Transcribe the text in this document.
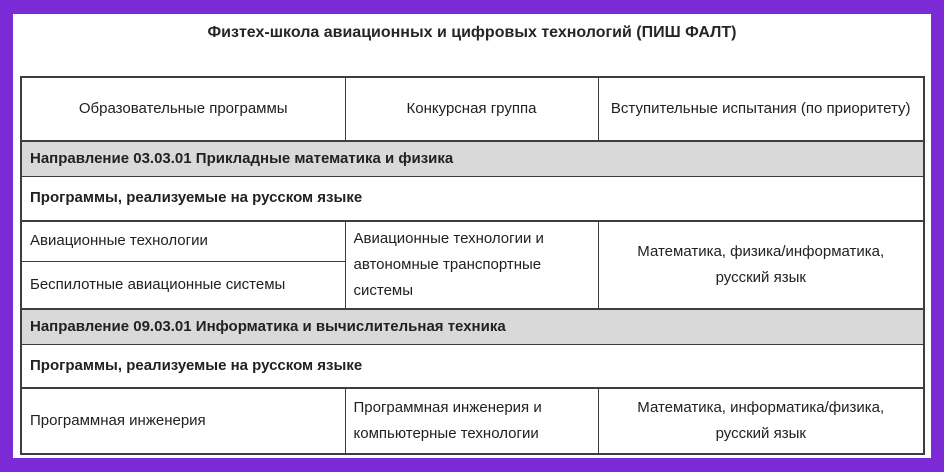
Физтех-школа авиационных и цифровых технологий (ПИШ ФАЛТ)
Образовательные программы	Конкурсная группа	Вступительные испытания (по приоритету)
Направление 03.03.01 Прикладные математика и физика		
Программы, реализуемые на русском языке		
Авиационные технологии	Авиационные технологии и автономные транспортные системы	Математика, физика/информатика, русский язык
Беспилотные авиационные системы		
Направление 09.03.01 Информатика и вычислительная техника		
Программы, реализуемые на русском языке		
Программная инженерия	Программная инженерия и компьютерные технологии	Математика, информатика/физика, русский язык
